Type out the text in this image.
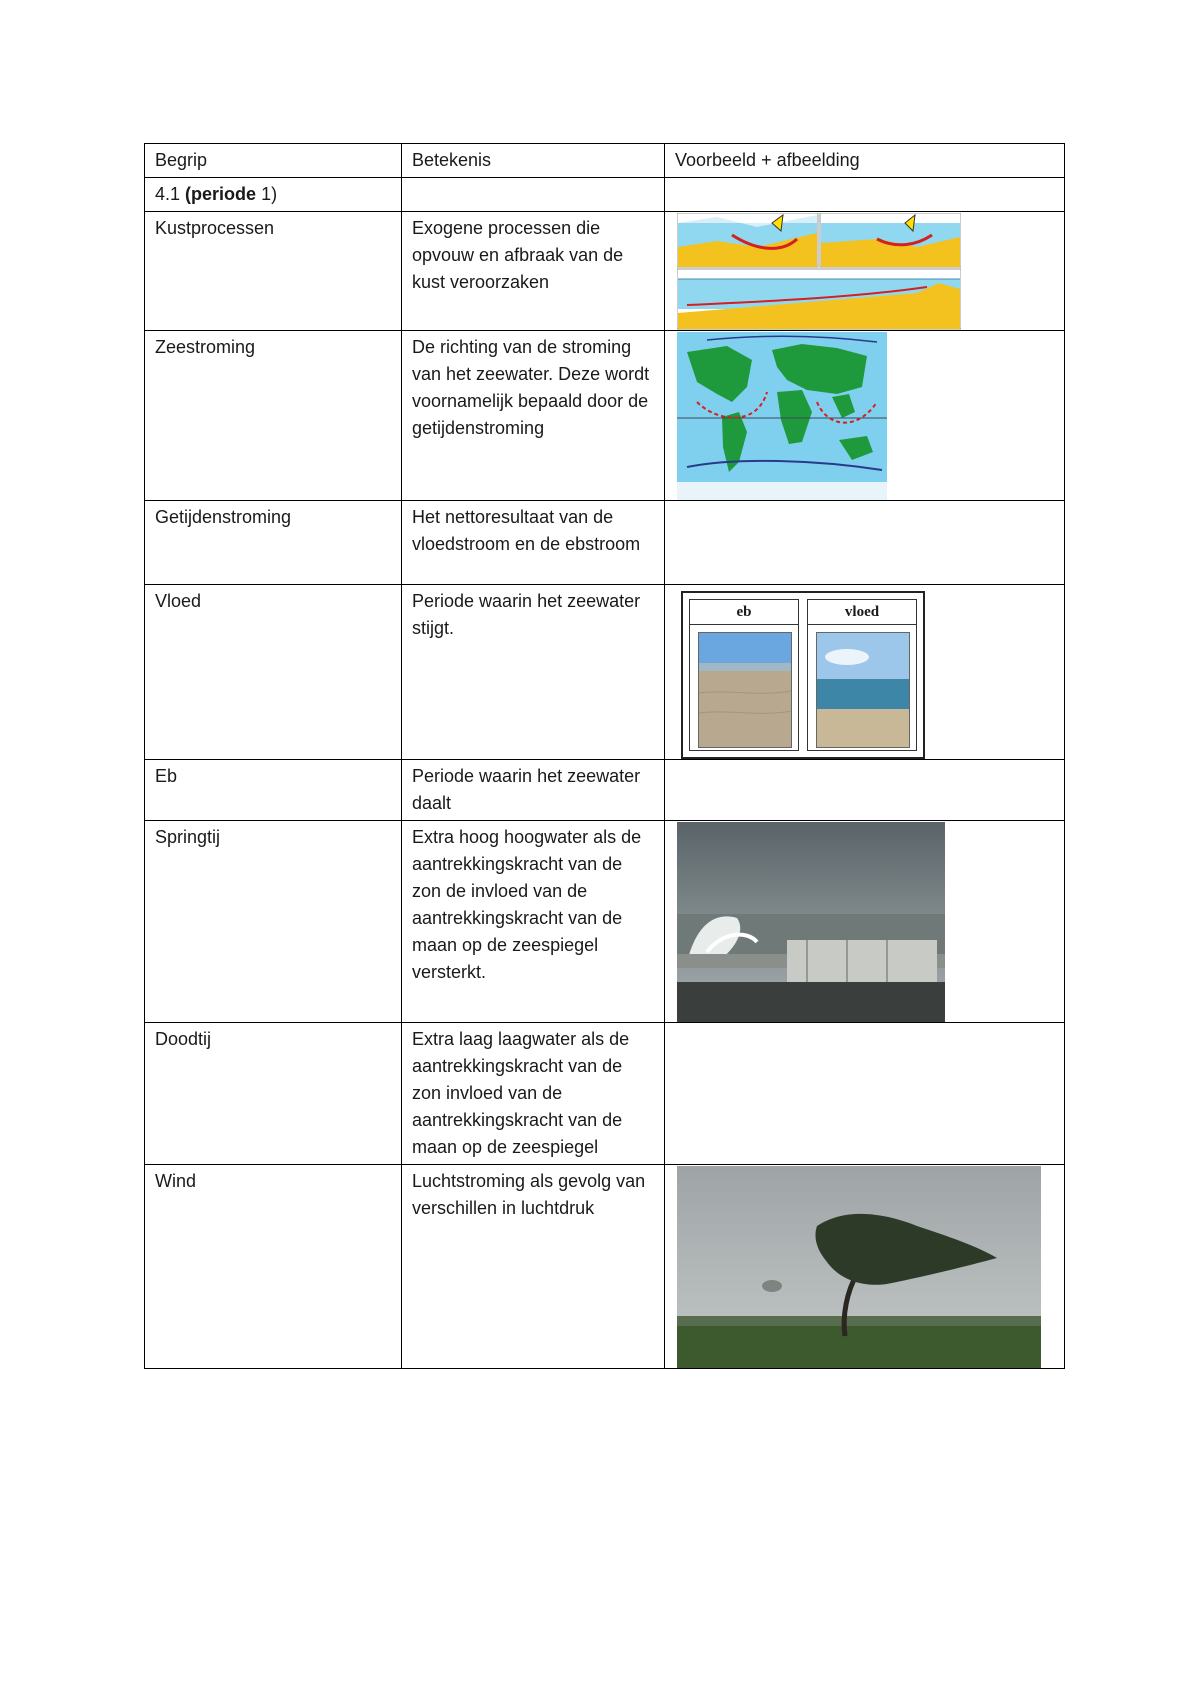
Begrip	Betekenis	Voorbeeld + afbeelding
4.1 (periode 1)		
Kustprocessen	Exogene processen die opvouw en afbraak van de kust veroorzaken	

Zeestroming	De richting van de stroming van het zeewater. Deze wordt voornamelijk bepaald door de getijdenstroming	

Getijdenstroming	Het nettoresultaat van de vloedstroom en de ebstroom	
Vloed	Periode waarin het zeewater stijgt.	eb vloed

Eb	Periode waarin het zeewater daalt	
Springtij	Extra hoog hoogwater als de aantrekkingskracht van de zon de invloed van de aantrekkingskracht van de maan op de zeespiegel versterkt.	

Doodtij	Extra laag laagwater als de aantrekkingskracht van de zon invloed van de aantrekkingskracht van de maan op de zeespiegel	
Wind	Luchtstroming als gevolg van verschillen in luchtdruk	
